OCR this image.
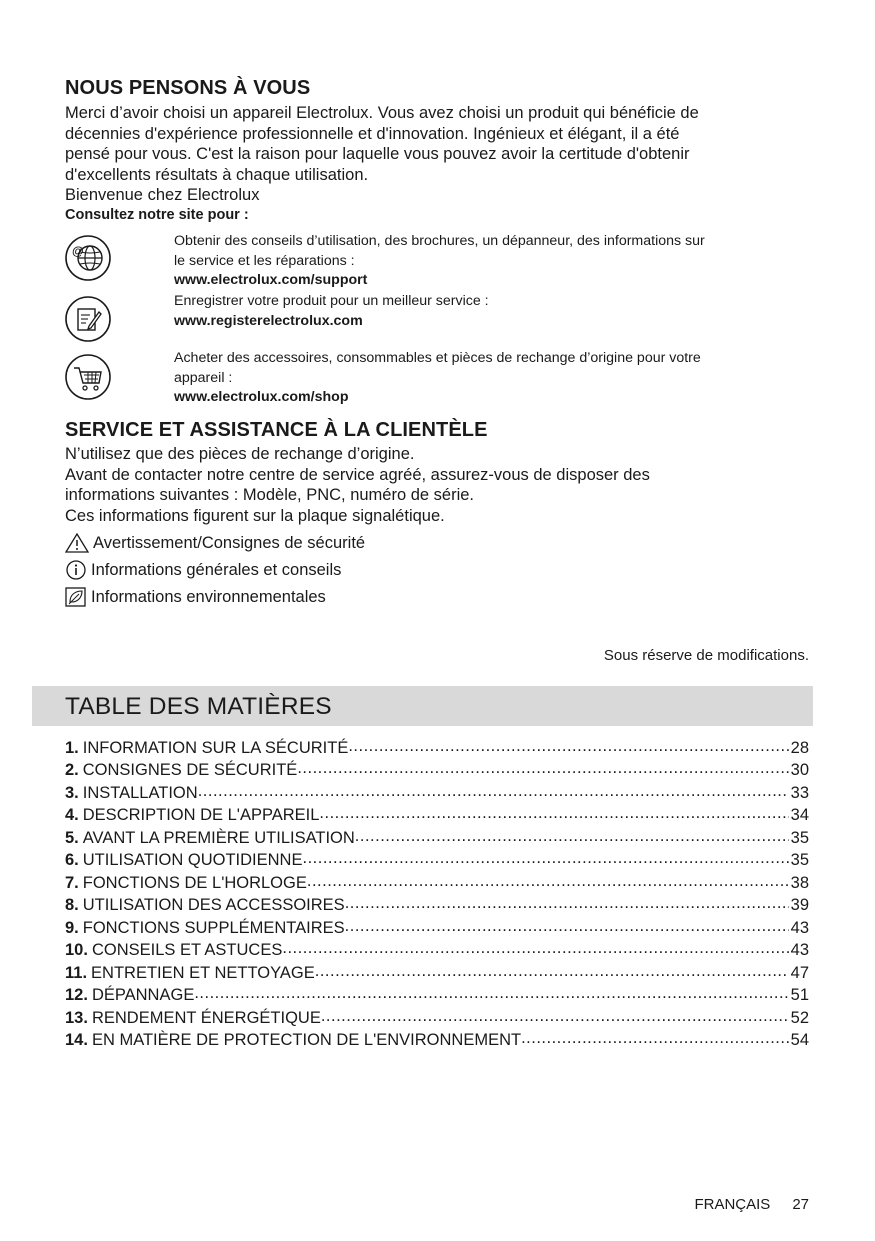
NOUS PENSONS À VOUS
Merci d’avoir choisi un appareil Electrolux. Vous avez choisi un produit qui bénéficie de
décennies d'expérience professionnelle et d'innovation. Ingénieux et élégant, il a été
pensé pour vous. C'est la raison pour laquelle vous pouvez avoir la certitude d'obtenir
d'excellents résultats à chaque utilisation.
Bienvenue chez Electrolux
Consultez notre site pour :
@
Obtenir des conseils d’utilisation, des brochures, un dépanneur, des informations sur
le service et les réparations :
www.electrolux.com/support
Enregistrer votre produit pour un meilleur service :
www.registerelectrolux.com
Acheter des accessoires, consommables et pièces de rechange d’origine pour votre
appareil :
www.electrolux.com/shop
SERVICE ET ASSISTANCE À LA CLIENTÈLE
N’utilisez que des pièces de rechange d’origine.
Avant de contacter notre centre de service agréé, assurez-vous de disposer des
informations suivantes : Modèle, PNC, numéro de série.
Ces informations figurent sur la plaque signalétique.
Avertissement/Consignes de sécurité
Informations générales et conseils
Informations environnementales
Sous réserve de modifications.
TABLE DES MATIÈRES
1. INFORMATION SUR LA SÉCURITÉ .....	28
2. CONSIGNES DE SÉCURITÉ .....	30
3. INSTALLATION .....	33
4. DESCRIPTION DE L'APPAREIL .....	34
5. AVANT LA PREMIÈRE UTILISATION .....	35
6. UTILISATION QUOTIDIENNE .....	35
7. FONCTIONS DE L'HORLOGE .....	38
8. UTILISATION DES ACCESSOIRES .....	39
9. FONCTIONS SUPPLÉMENTAIRES .....	43
10. CONSEILS ET ASTUCES .....	43
11. ENTRETIEN ET NETTOYAGE .....	47
12. DÉPANNAGE .....	51
13. RENDEMENT ÉNERGÉTIQUE .....	52
14. EN MATIÈRE DE PROTECTION DE L'ENVIRONNEMENT .....	54
FRANÇAIS 27
